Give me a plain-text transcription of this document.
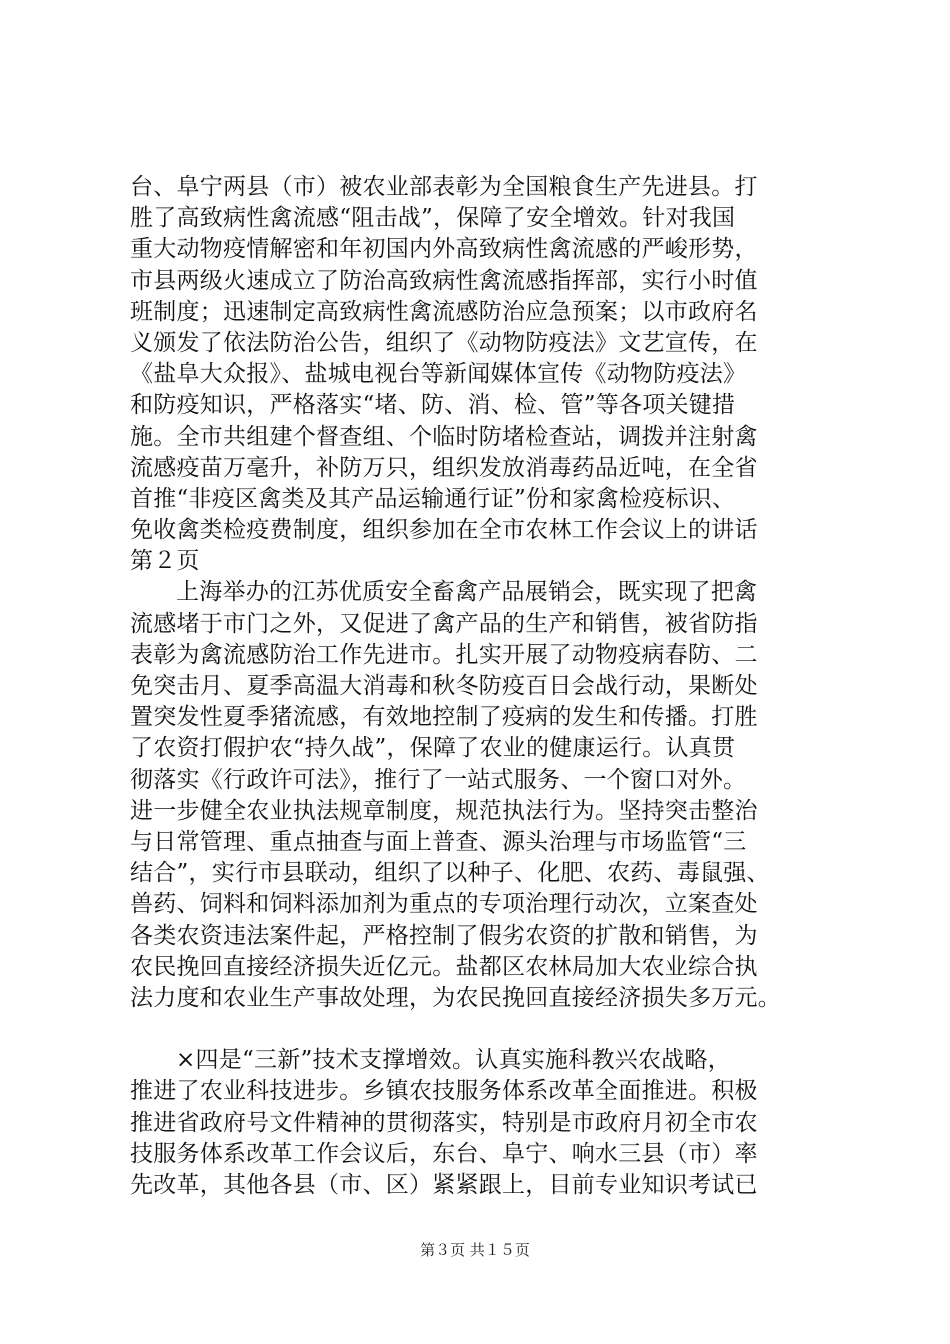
台、阜宁两县（市）被农业部表彰为全国粮食生产先进县。打
胜了高致病性禽流感“阻击战”，保障了安全增效。针对我国
重大动物疫情解密和年初国内外高致病性禽流感的严峻形势，
市县两级火速成立了防治高致病性禽流感指挥部，实行小时值
班制度；迅速制定高致病性禽流感防治应急预案；以市政府名
义颁发了依法防治公告，组织了《动物防疫法》文艺宣传，在
《盐阜大众报》、盐城电视台等新闻媒体宣传《动物防疫法》
和防疫知识，严格落实“堵、防、消、检、管”等各项关键措
施。全市共组建个督查组、个临时防堵检查站，调拨并注射禽
流感疫苗万毫升，补防万只，组织发放消毒药品近吨，在全省
首推“非疫区禽类及其产品运输通行证”份和家禽检疫标识、
免收禽类检疫费制度，组织参加在全市农林工作会议上的讲话
第２页
上海举办的江苏优质安全畜禽产品展销会，既实现了把禽
流感堵于市门之外，又促进了禽产品的生产和销售，被省防指
表彰为禽流感防治工作先进市。扎实开展了动物疫病春防、二
免突击月、夏季高温大消毒和秋冬防疫百日会战行动，果断处
置突发性夏季猪流感，有效地控制了疫病的发生和传播。打胜
了农资打假护农“持久战”，保障了农业的健康运行。认真贯
彻落实《行政许可法》，推行了一站式服务、一个窗口对外。
进一步健全农业执法规章制度，规范执法行为。坚持突击整治
与日常管理、重点抽查与面上普查、源头治理与市场监管“三
结合”，实行市县联动，组织了以种子、化肥、农药、毒鼠强、
兽药、饲料和饲料添加剂为重点的专项治理行动次，立案查处
各类农资违法案件起，严格控制了假劣农资的扩散和销售，为
农民挽回直接经济损失近亿元。盐都区农林局加大农业综合执
法力度和农业生产事故处理，为农民挽回直接经济损失多万元。
×四是“三新”技术支撑增效。认真实施科教兴农战略，
推进了农业科技进步。乡镇农技服务体系改革全面推进。积极
推进省政府号文件精神的贯彻落实，特别是市政府月初全市农
技服务体系改革工作会议后，东台、阜宁、响水三县（市）率
先改革，其他各县（市、区）紧紧跟上，目前专业知识考试已
第３页 共１５页
